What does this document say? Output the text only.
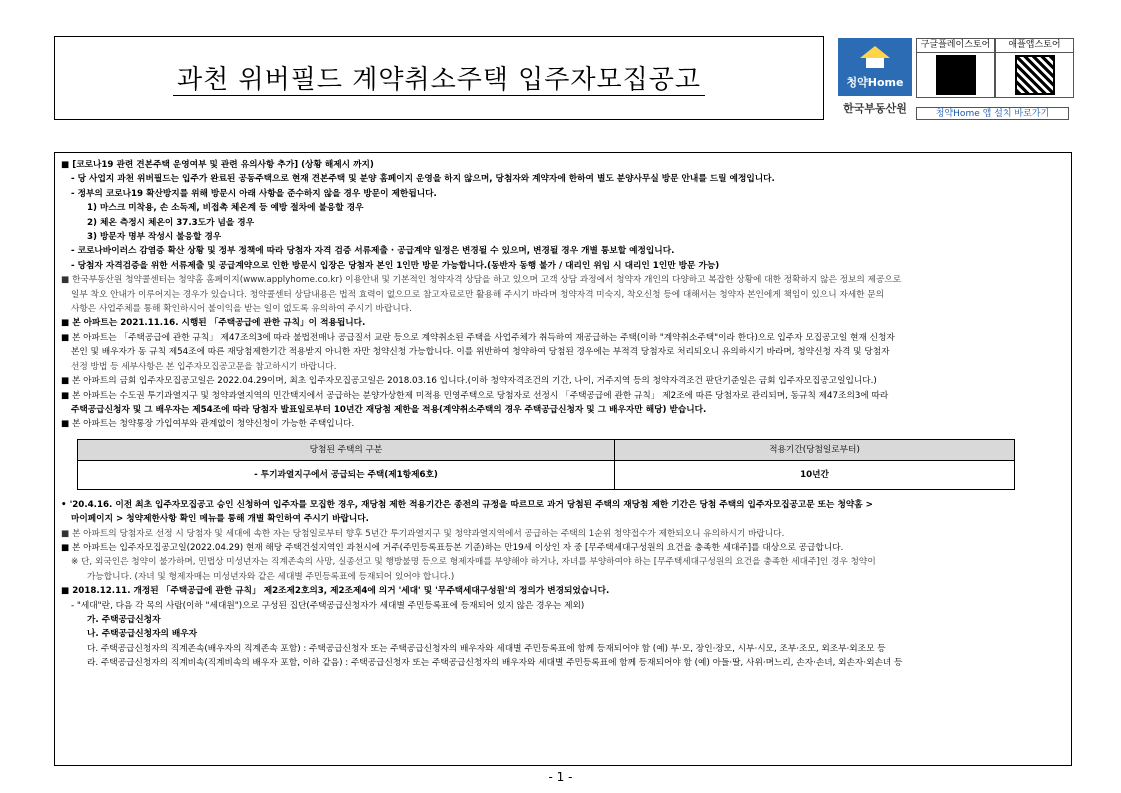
과천 위버필드 계약취소주택 입주자모집공고	청약Home
한국부동산원
구글플레이스토어	애플앱스토어
청약Home 앱 설치 바로가기
■ [코로나19 관련 견본주택 운영여부 및 관련 유의사항 추가] (상황 해제시 까지)
- 당 사업지 과천 위버필드는 입주가 완료된 공동주택으로 현재 견본주택 및 분양 홈페이지 운영을 하지 않으며, 당첨자와 계약자에 한하여 별도 분양사무실 방문 안내를 드릴 예정입니다.
- 정부의 코로나19 확산방지를 위해 방문시 아래 사항을 준수하지 않을 경우 방문이 제한됩니다.
1) 마스크 미착용, 손 소독제, 비접촉 체온계 등 예방 절차에 불응할 경우
2) 체온 측정시 체온이 37.3도가 넘을 경우
3) 방문자 명부 작성시 불응할 경우
- 코로나바이러스 감염증 확산 상황 및 정부 정책에 따라 당첨자 자격 검증 서류제출 · 공급계약 일정은 변경될 수 있으며, 변경될 경우 개별 통보할 예정입니다.
- 당첨자 자격검증을 위한 서류제출 및 공급계약으로 인한 방문시 입장은 당첨자 본인 1인만 방문 가능합니다.(동반자 동행 불가 / 대리인 위임 시 대리인 1인만 방문 가능)
■ 한국부동산원 청약콜센터는 청약홈 홈페이지(www.applyhome.co.kr) 이용안내 및 기본적인 청약자격 상담을 하고 있으며 고객 상담 과정에서 청약자 개인의 다양하고 복잡한 상황에 대한 정확하지 않은 정보의 제공으로
일부 착오 안내가 이루어지는 경우가 있습니다. 청약콜센터 상담내용은 법적 효력이 없으므로 참고자료로만 활용해 주시기 바라며 청약자격 미숙지, 착오신청 등에 대해서는 청약자 본인에게 책임이 있으니 자세한 문의
사항은 사업주체를 통해 확인하시어 불이익을 받는 일이 없도록 유의하여 주시기 바랍니다.
■ 본 아파트는 2021.11.16. 시행된 「주택공급에 관한 규칙」이 적용됩니다.
■ 본 아파트는 「주택공급에 관한 규칙」 제47조의3에 따라 불법전매나 공급질서 교란 등으로 계약취소된 주택을 사업주체가 취득하여 재공급하는 주택(이하 "계약취소주택"이라 한다)으로 입주자 모집공고일 현재 신청자
본인 및 배우자가 동 규칙 제54조에 따른 재당첨제한기간 적용받지 아니한 자만 청약신청 가능합니다. 이를 위반하여 청약하여 당첨된 경우에는 부적격 당첨자로 처리되오니 유의하시기 바라며, 청약신청 자격 및 당첨자
선정 방법 등 세부사항은 본 입주자모집공고문을 참고하시기 바랍니다.
■ 본 아파트의 금회 입주자모집공고일은 2022.04.29이며, 최초 입주자모집공고일은 2018.03.16 입니다.(이하 청약자격조건의 기간, 나이, 거주지역 등의 청약자격조건 판단기준일은 금회 입주자모집공고일입니다.)
■ 본 아파트는 수도권 투기과열지구 및 청약과열지역의 민간택지에서 공급하는 분양가상한제 미적용 민영주택으로 당첨자로 선정시 「주택공급에 관한 규칙」 제2조에 따른 당첨자로 관리되며, 동규칙 제47조의3에 따라
주택공급신청자 및 그 배우자는 제54조에 따라 당첨자 발표일로부터 10년간 재당첨 제한을 적용(계약취소주택의 경우 주택공급신청자 및 그 배우자만 해당) 받습니다.
■ 본 아파트는 청약통장 가입여부와 관계없이 청약신청이 가능한 주택입니다.
당첨된 주택의 구분	적용기간(당첨일로부터)
- 투기과열지구에서 공급되는 주택(제1항제6호)	10년간
• '20.4.16. 이전 최초 입주자모집공고 승인 신청하여 입주자를 모집한 경우, 재당첨 제한 적용기간은 종전의 규정을 따르므로 과거 당첨된 주택의 재당첨 제한 기간은 당첨 주택의 입주자모집공고문 또는 청약홈 >
마이페이지 > 청약제한사항 확인 메뉴를 통해 개별 확인하여 주시기 바랍니다.
■ 본 아파트의 당첨자로 선정 시 당첨자 및 세대에 속한 자는 당첨일로부터 향후 5년간 투기과열지구 및 청약과열지역에서 공급하는 주택의 1순위 청약접수가 제한되오니 유의하시기 바랍니다.
■ 본 아파트는 입주자모집공고일(2022.04.29) 현재 해당 주택건설지역인 과천시에 거주(주민등록표등본 기준)하는 만19세 이상인 자 중 [무주택세대구성원의 요건을 충족한 세대주]를 대상으로 공급합니다.
※ 단, 외국인은 청약이 불가하며, 민법상 미성년자는 직계존속의 사망, 실종선고 및 행방불명 등으로 형제자매를 부양해야 하거나, 자녀를 부양하여야 하는 [무주택세대구성원의 요건을 충족한 세대주]인 경우 청약이
가능합니다. (자녀 및 형제자매는 미성년자와 같은 세대별 주민등록표에 등재되어 있어야 합니다.)
■ 2018.12.11. 개정된 「주택공급에 관한 규칙」 제2조제2호의3, 제2조제4에 의거 '세대' 및 '무주택세대구성원'의 정의가 변경되었습니다.
- "세대"란, 다음 각 목의 사람(이하 "세대원")으로 구성된 집단(주택공급신청자가 세대별 주민등록표에 등재되어 있지 않은 경우는 제외)
가. 주택공급신청자
나. 주택공급신청자의 배우자
다. 주택공급신청자의 직계존속(배우자의 직계존속 포함) : 주택공급신청자 또는 주택공급신청자의 배우자와 세대별 주민등록표에 함께 등재되어야 함 (예) 부·모, 장인·장모, 시부·시모, 조부·조모, 외조부·외조모 등
라. 주택공급신청자의 직계비속(직계비속의 배우자 포함, 이하 같음) : 주택공급신청자 또는 주택공급신청자의 배우자와 세대별 주민등록표에 함께 등재되어야 함 (예) 아들·딸, 사위·며느리, 손자·손녀, 외손자·외손녀 등
- 1 -
